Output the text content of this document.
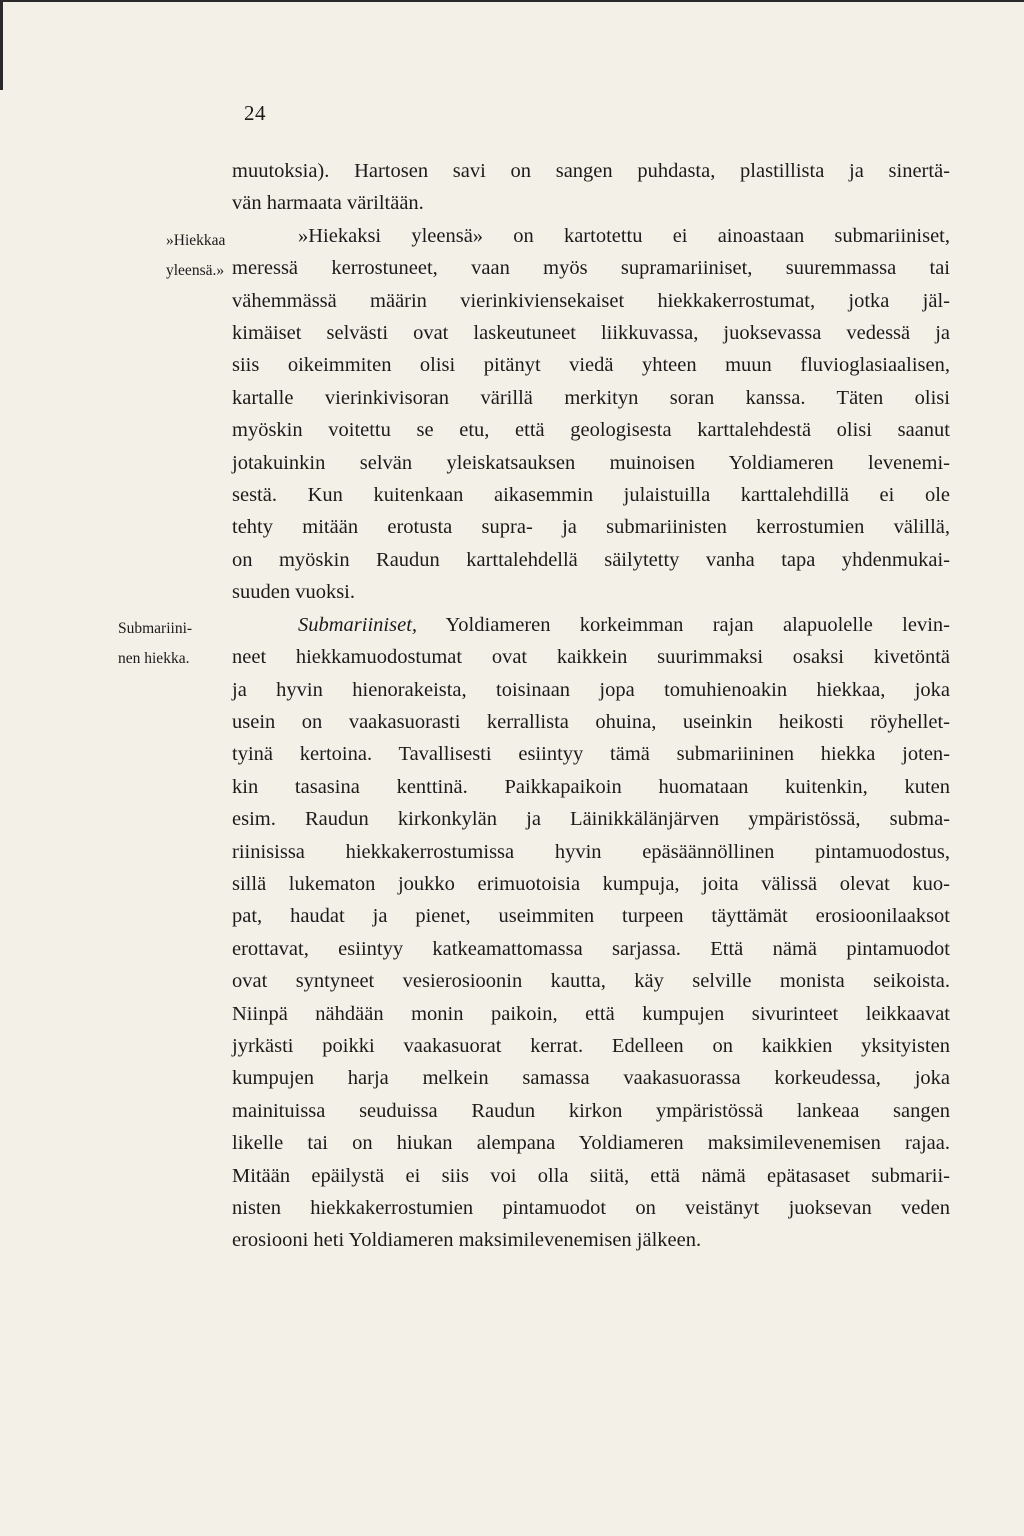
24
»Hiekkaa
yleensä.»
Submariini-
nen hiekka.

muutoksia). Hartosen savi on sangen puhdasta, plastillista ja sinertä-
vän harmaata väriltään.

»Hiekaksi yleensä» on kartotettu ei ainoastaan submariiniset,
meressä kerrostuneet, vaan myös supramariiniset, suuremmassa tai
vähemmässä määrin vierinkiviensekaiset hiekkakerrostumat, jotka jäl-
kimäiset selvästi ovat laskeutuneet liikkuvassa, juoksevassa vedessä ja
siis oikeimmiten olisi pitänyt viedä yhteen muun fluvioglasiaalisen,
kartalle vierinkivisoran värillä merkityn soran kanssa. Täten olisi
myöskin voitettu se etu, että geologisesta karttalehdestä olisi saanut
jotakuinkin selvän yleiskatsauksen muinoisen Yoldiameren levenemi-
sestä. Kun kuitenkaan aikasemmin julaistuilla karttalehdillä ei ole
tehty mitään erotusta supra- ja submariinisten kerrostumien välillä,
on myöskin Raudun karttalehdellä säilytetty vanha tapa yhdenmukai-
suuden vuoksi.

Submariiniset, Yoldiameren korkeimman rajan alapuolelle levin-
neet hiekkamuodostumat ovat kaikkein suurimmaksi osaksi kivetöntä
ja hyvin hienorakeista, toisinaan jopa tomuhienoakin hiekkaa, joka
usein on vaakasuorasti kerrallista ohuina, useinkin heikosti röyhellet-
tyinä kertoina. Tavallisesti esiintyy tämä submariininen hiekka joten-
kin tasasina kenttinä. Paikkapaikoin huomataan kuitenkin, kuten
esim. Raudun kirkonkylän ja Läinikkälänjärven ympäristössä, subma-
riinisissa hiekkakerrostumissa hyvin epäsäännöllinen pintamuodostus,
sillä lukematon joukko erimuotoisia kumpuja, joita välissä olevat kuo-
pat, haudat ja pienet, useimmiten turpeen täyttämät erosioonilaaksot
erottavat, esiintyy katkeamattomassa sarjassa. Että nämä pintamuodot
ovat syntyneet vesierosioonin kautta, käy selville monista seikoista.
Niinpä nähdään monin paikoin, että kumpujen sivurinteet leikkaavat
jyrkästi poikki vaakasuorat kerrat. Edelleen on kaikkien yksityisten
kumpujen harja melkein samassa vaakasuorassa korkeudessa, joka
mainituissa seuduissa Raudun kirkon ympäristössä lankeaa sangen
likelle tai on hiukan alempana Yoldiameren maksimilevenemisen rajaa.
Mitään epäilystä ei siis voi olla siitä, että nämä epätasaset submarii-
nisten hiekkakerrostumien pintamuodot on veistänyt juoksevan veden
erosiooni heti Yoldiameren maksimilevenemisen jälkeen.
